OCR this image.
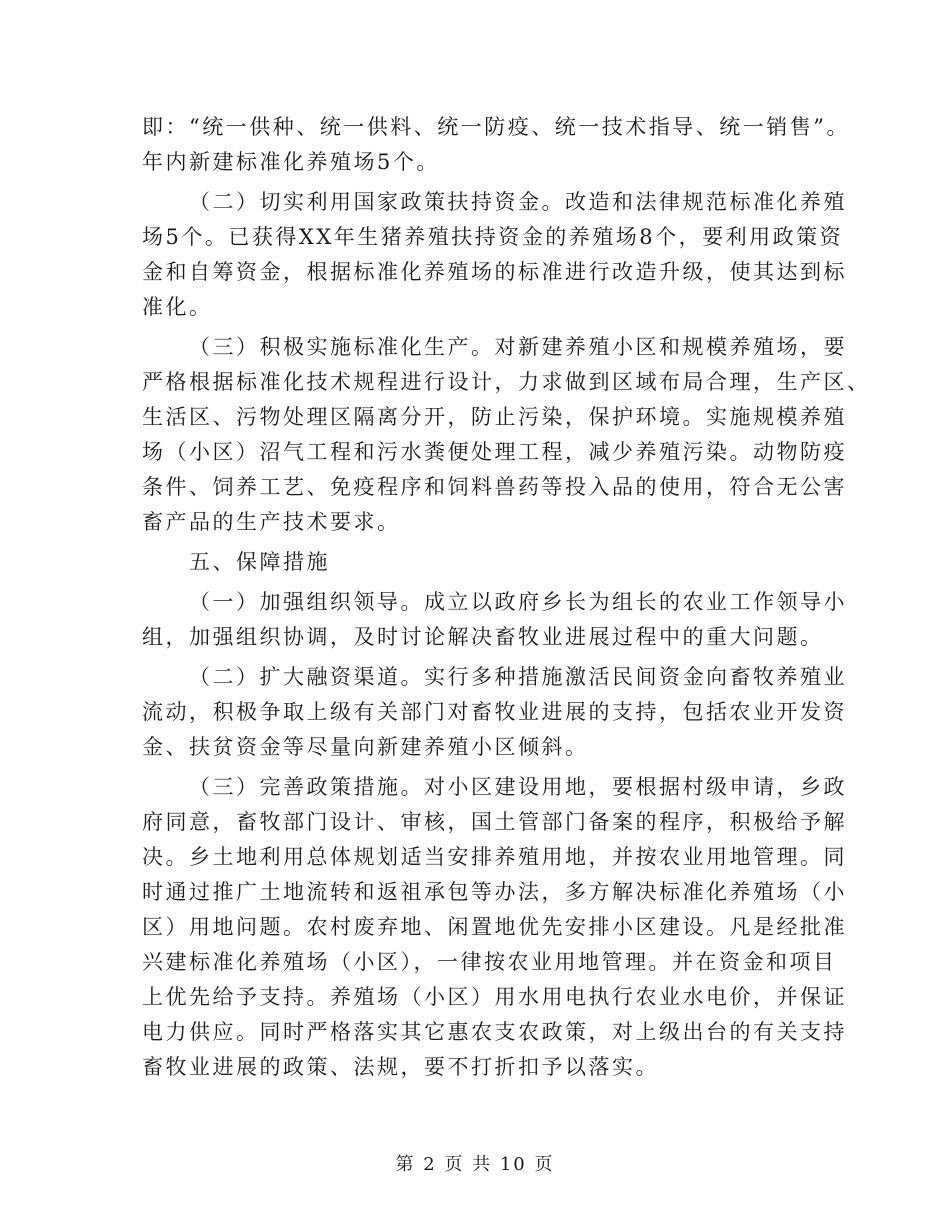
即：“统一供种、统一供料、统一防疫、统一技术指导、统一销售”。
年内新建标准化养殖场5个。
（二）切实利用国家政策扶持资金。改造和法律规范标准化养殖
场5个。已获得XX年生猪养殖扶持资金的养殖场8个，要利用政策资
金和自筹资金，根据标准化养殖场的标准进行改造升级，使其达到标
准化。
（三）积极实施标准化生产。对新建养殖小区和规模养殖场，要
严格根据标准化技术规程进行设计，力求做到区域布局合理，生产区、
生活区、污物处理区隔离分开，防止污染，保护环境。实施规模养殖
场（小区）沼气工程和污水粪便处理工程，减少养殖污染。动物防疫
条件、饲养工艺、免疫程序和饲料兽药等投入品的使用，符合无公害
畜产品的生产技术要求。
五、保障措施
（一）加强组织领导。成立以政府乡长为组长的农业工作领导小
组，加强组织协调，及时讨论解决畜牧业进展过程中的重大问题。
（二）扩大融资渠道。实行多种措施激活民间资金向畜牧养殖业
流动，积极争取上级有关部门对畜牧业进展的支持，包括农业开发资
金、扶贫资金等尽量向新建养殖小区倾斜。
（三）完善政策措施。对小区建设用地，要根据村级申请，乡政
府同意，畜牧部门设计、审核，国土管部门备案的程序，积极给予解
决。乡土地利用总体规划适当安排养殖用地，并按农业用地管理。同
时通过推广土地流转和返祖承包等办法，多方解决标准化养殖场（小
区）用地问题。农村废弃地、闲置地优先安排小区建设。凡是经批准
兴建标准化养殖场（小区），一律按农业用地管理。并在资金和项目
上优先给予支持。养殖场（小区）用水用电执行农业水电价，并保证
电力供应。同时严格落实其它惠农支农政策，对上级出台的有关支持
畜牧业进展的政策、法规，要不打折扣予以落实。
第 2 页 共 10 页
